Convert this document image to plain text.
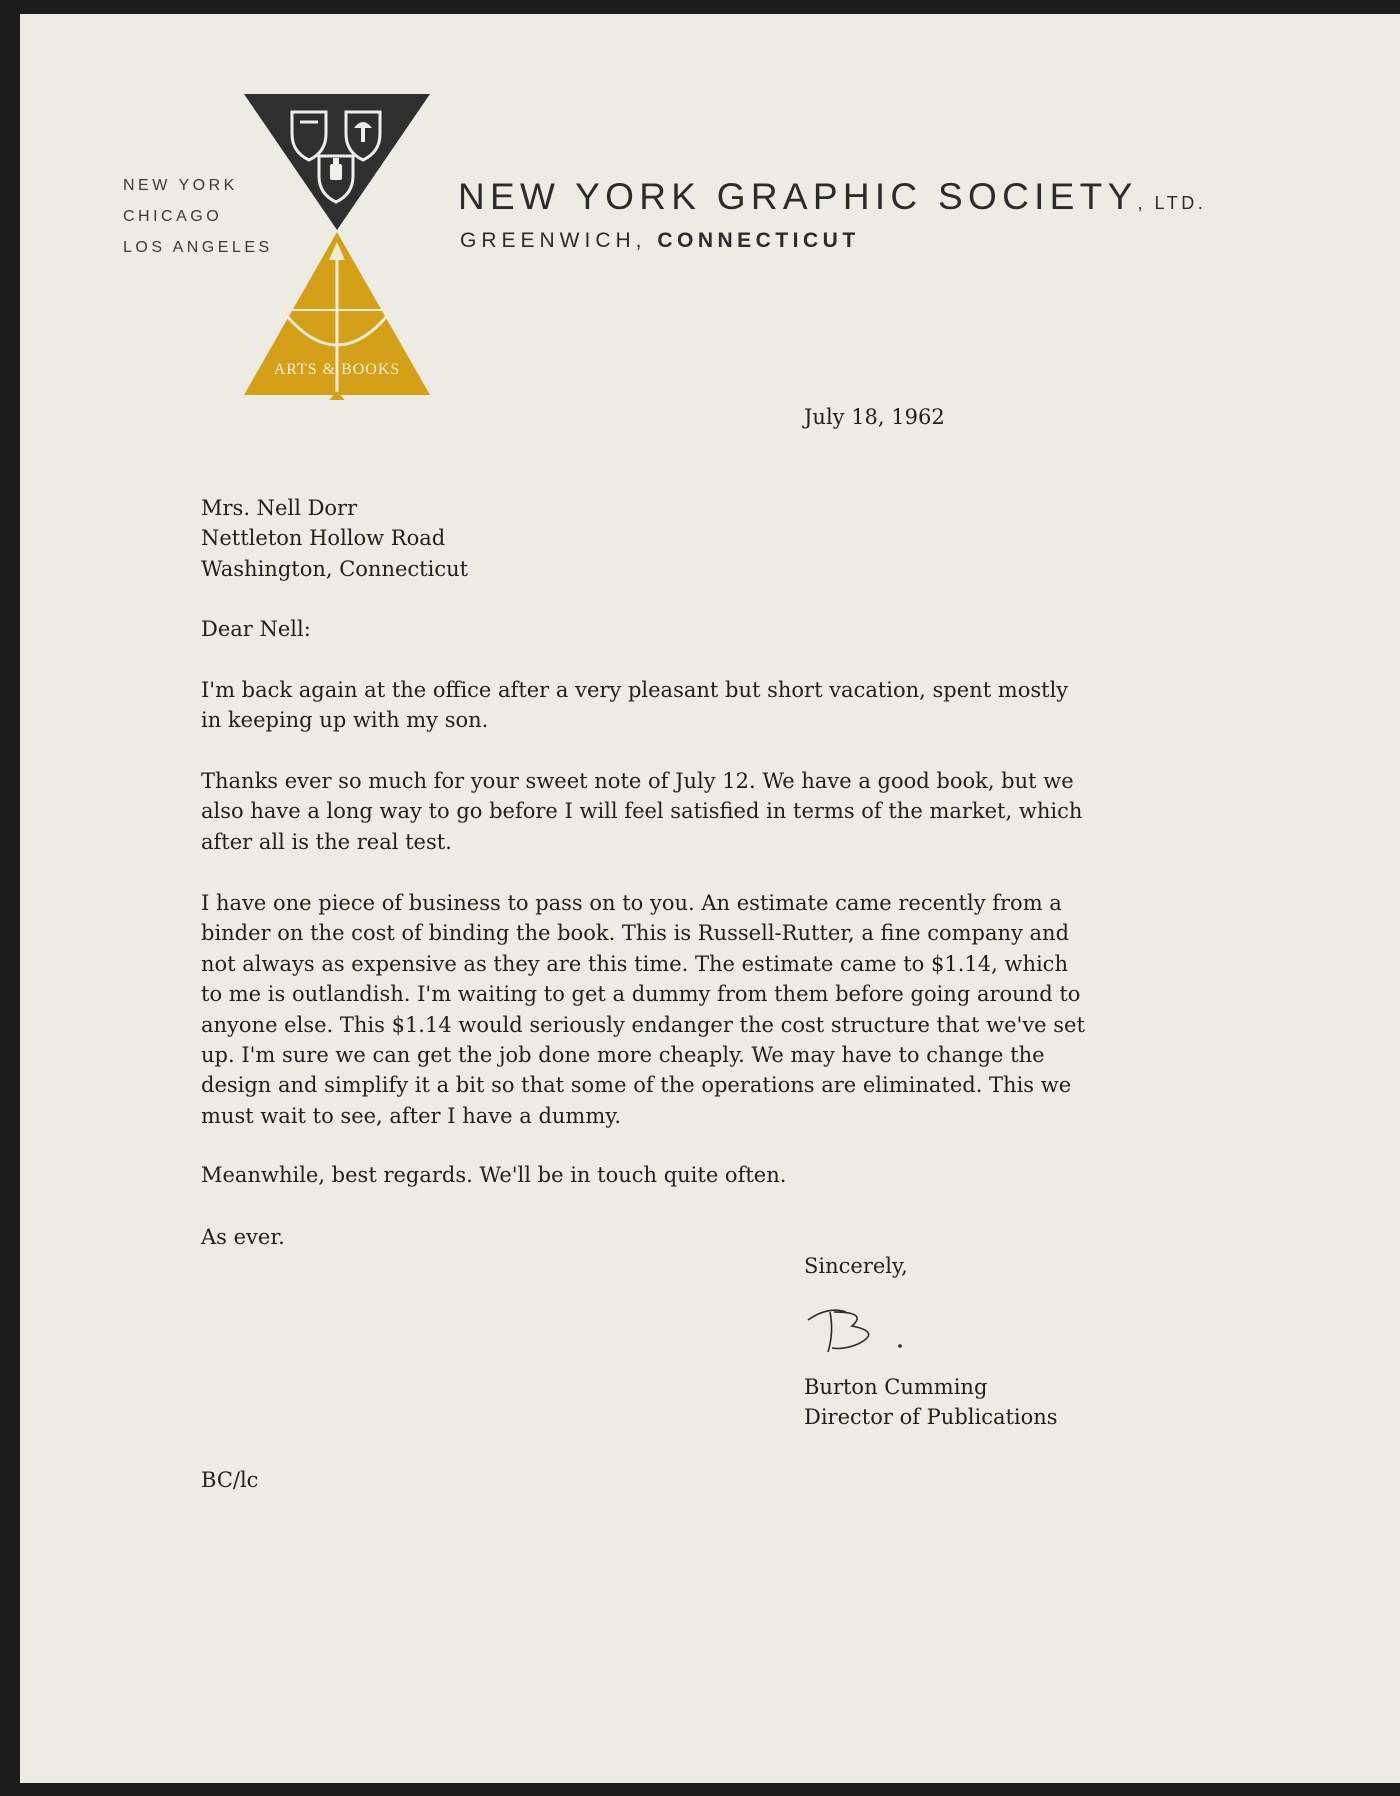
NEW YORK
CHICAGO
LOS ANGELES
ARTS & BOOKS
NEW YORK GRAPHIC SOCIETY, LTD.
GREENWICH, CONNECTICUT
July 18, 1962
Mrs. Nell Dorr
Nettleton Hollow Road
Washington, Connecticut
Dear Nell:
I'm back again at the office after a very pleasant but short vacation, spent mostly
in keeping up with my son.
Thanks ever so much for your sweet note of July 12. We have a good book, but we
also have a long way to go before I will feel satisfied in terms of the market, which
after all is the real test.
I have one piece of business to pass on to you. An estimate came recently from a
binder on the cost of binding the book. This is Russell-Rutter, a fine company and
not always as expensive as they are this time. The estimate came to $1.14, which
to me is outlandish. I'm waiting to get a dummy from them before going around to
anyone else. This $1.14 would seriously endanger the cost structure that we've set
up. I'm sure we can get the job done more cheaply. We may have to change the
design and simplify it a bit so that some of the operations are eliminated. This we
must wait to see, after I have a dummy.
Meanwhile, best regards. We'll be in touch quite often.
As ever.
Sincerely,
Burton Cumming
Director of Publications
BC/lc
